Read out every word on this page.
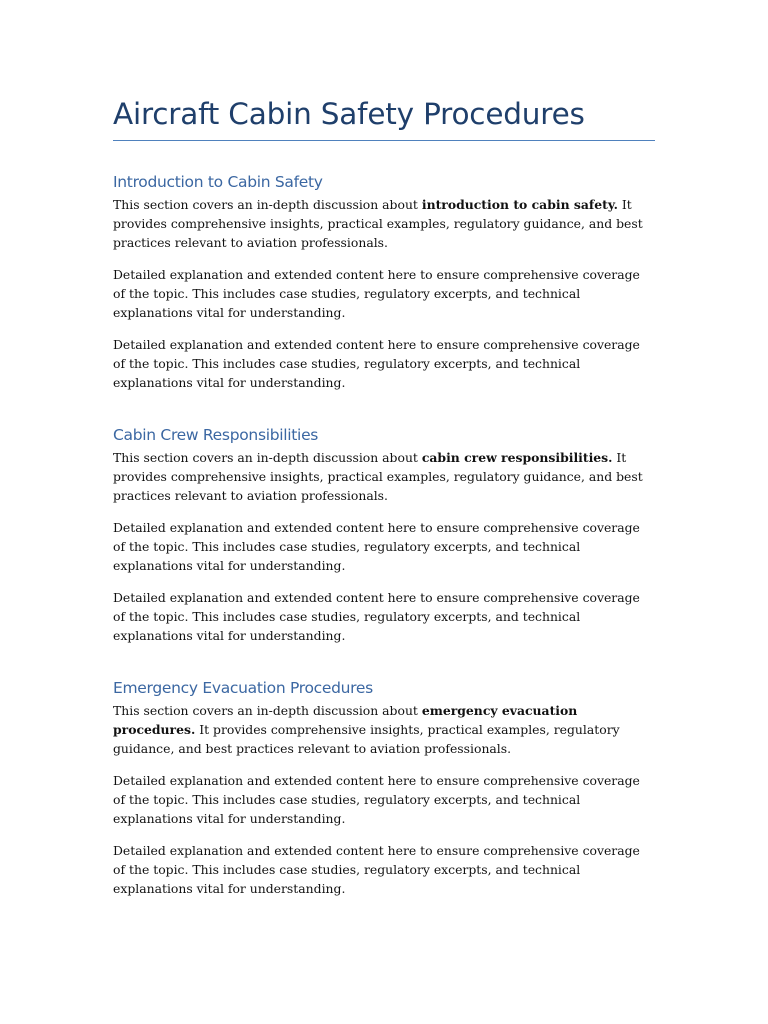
Aircraft Cabin Safety Procedures
Introduction to Cabin Safety

This section covers an in-depth discussion about introduction to cabin safety. It provides comprehensive insights, practical examples, regulatory guidance, and best practices relevant to aviation professionals.

Detailed explanation and extended content here to ensure comprehensive coverage of the topic. This includes case studies, regulatory excerpts, and technical explanations vital for understanding.

Detailed explanation and extended content here to ensure comprehensive coverage of the topic. This includes case studies, regulatory excerpts, and technical explanations vital for understanding.

Cabin Crew Responsibilities

This section covers an in-depth discussion about cabin crew responsibilities. It provides comprehensive insights, practical examples, regulatory guidance, and best practices relevant to aviation professionals.

Detailed explanation and extended content here to ensure comprehensive coverage of the topic. This includes case studies, regulatory excerpts, and technical explanations vital for understanding.

Detailed explanation and extended content here to ensure comprehensive coverage of the topic. This includes case studies, regulatory excerpts, and technical explanations vital for understanding.

Emergency Evacuation Procedures

This section covers an in-depth discussion about emergency evacuation procedures. It provides comprehensive insights, practical examples, regulatory guidance, and best practices relevant to aviation professionals.

Detailed explanation and extended content here to ensure comprehensive coverage of the topic. This includes case studies, regulatory excerpts, and technical explanations vital for understanding.

Detailed explanation and extended content here to ensure comprehensive coverage of the topic. This includes case studies, regulatory excerpts, and technical explanations vital for understanding.
